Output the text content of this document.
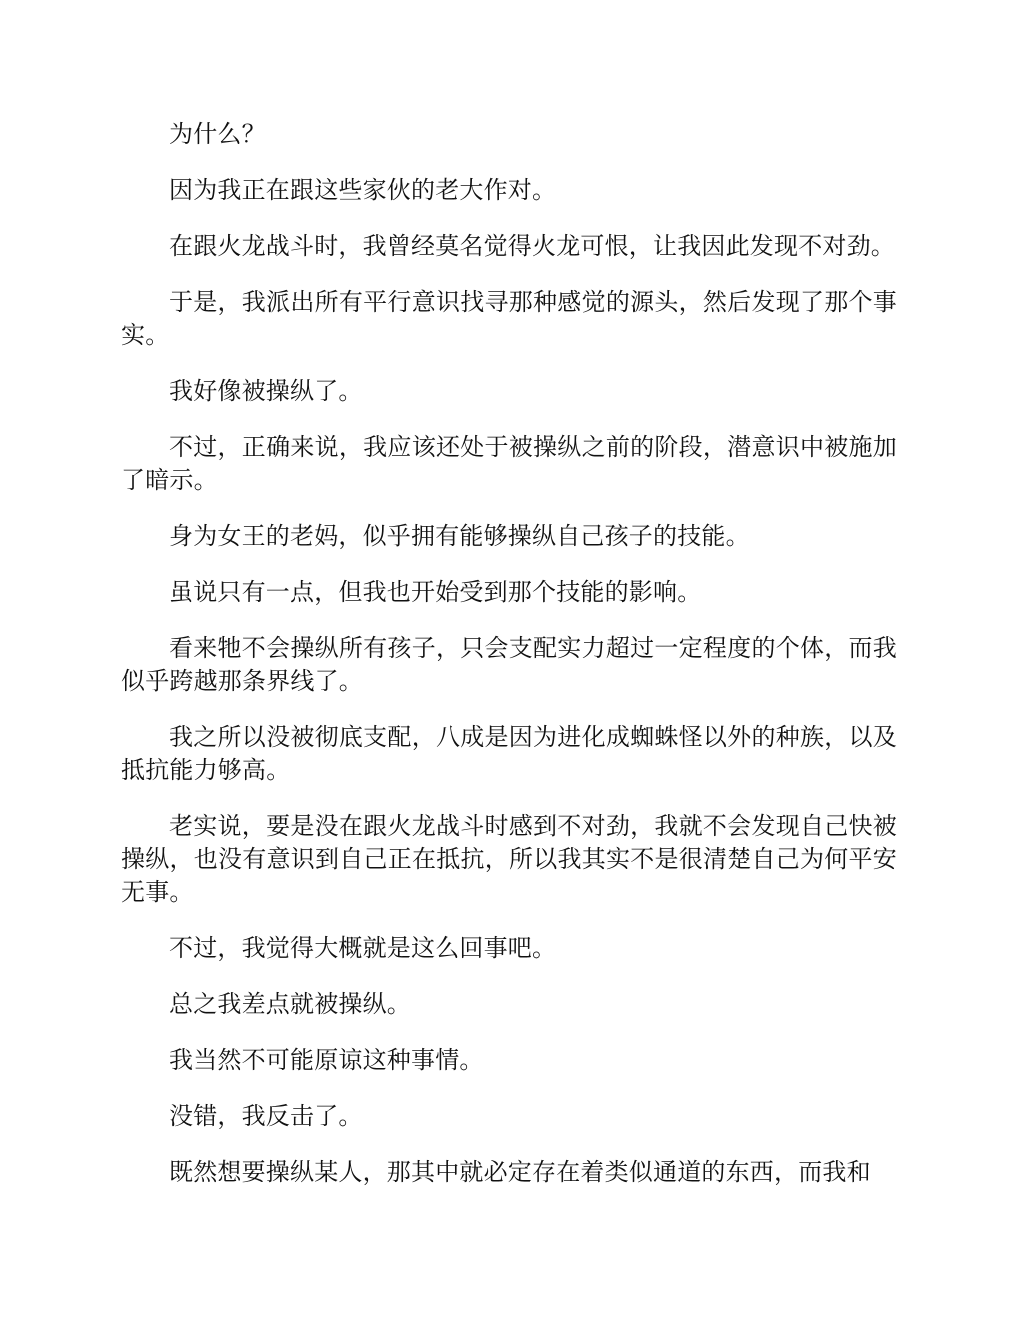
为什么？

因为我正在跟这些家伙的老大作对。

在跟火龙战斗时，我曾经莫名觉得火龙可恨，让我因此发现不对劲。

于是，我派出所有平行意识找寻那种感觉的源头，然后发现了那个事实。

我好像被操纵了。

不过，正确来说，我应该还处于被操纵之前的阶段，潜意识中被施加了暗示。

身为女王的老妈，似乎拥有能够操纵自己孩子的技能。

虽说只有一点，但我也开始受到那个技能的影响。

看来牠不会操纵所有孩子，只会支配实力超过一定程度的个体，而我似乎跨越那条界线了。

我之所以没被彻底支配，八成是因为进化成蜘蛛怪以外的种族，以及抵抗能力够高。

老实说，要是没在跟火龙战斗时感到不对劲，我就不会发现自己快被操纵，也没有意识到自己正在抵抗，所以我其实不是很清楚自己为何平安无事。

不过，我觉得大概就是这么回事吧。

总之我差点就被操纵。

我当然不可能原谅这种事情。

没错，我反击了。

既然想要操纵某人，那其中就必定存在着类似通道的东西，而我和
